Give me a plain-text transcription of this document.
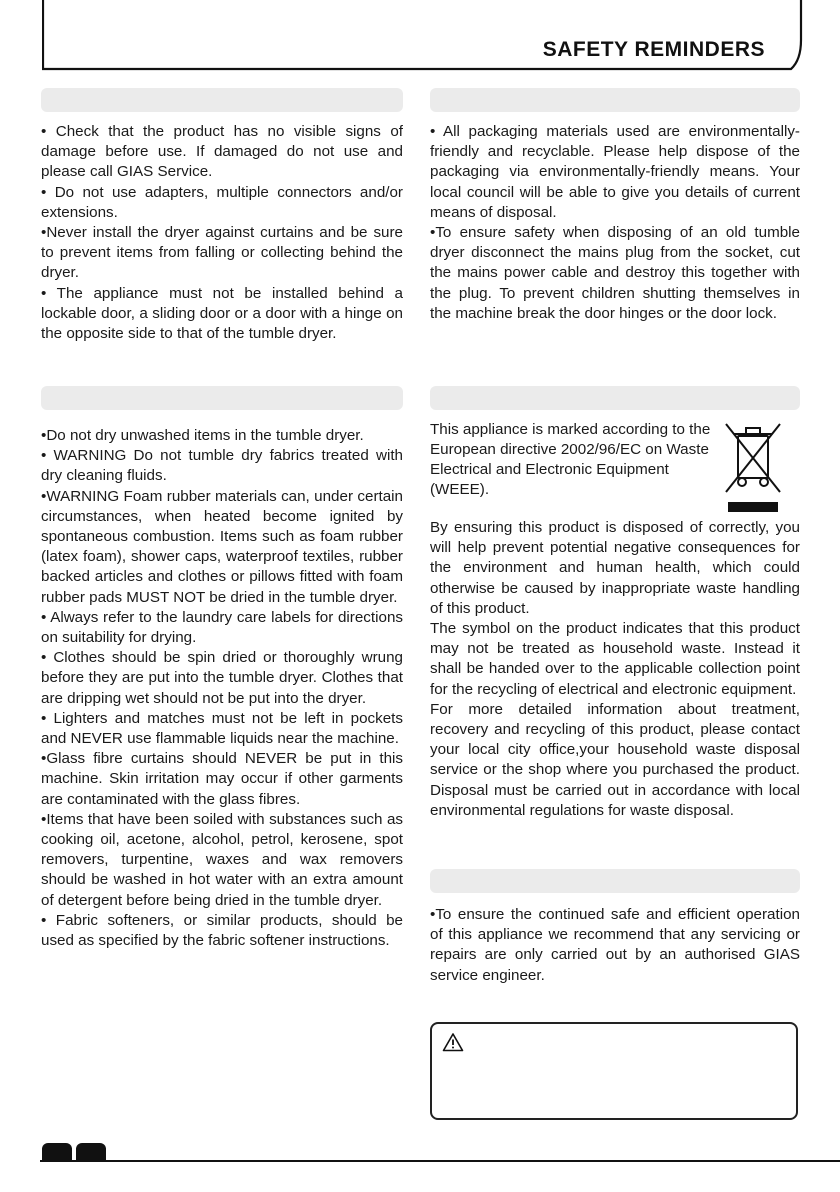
SAFETY REMINDERS

• Check that the product has no visible signs of damage before use. If damaged do not use and please call GIAS Service.

• Do not use adapters, multiple connectors and/or extensions.

•Never install the dryer against curtains and be sure to prevent items from falling or collecting behind the dryer.

• The appliance must not be installed behind a lockable door, a sliding door or a door with a hinge on the opposite side to that of the tumble dryer.

• All packaging materials used are environmentally-friendly and recyclable. Please help dispose of the packaging via environmentally-friendly means. Your local council will be able to give you details of current means of disposal.

•To ensure safety when disposing of an old tumble dryer disconnect the mains plug from the socket, cut the mains power cable and destroy this together with the plug. To prevent children shutting themselves in the machine break the door hinges or the door lock.

•Do not dry unwashed items in the tumble dryer.

• WARNING Do not tumble dry fabrics treated with dry cleaning fluids.

•WARNING Foam rubber materials can, under certain circumstances, when heated become ignited by spontaneous combustion. Items such as foam rubber (latex foam), shower caps, waterproof textiles, rubber backed articles and clothes or pillows fitted with foam rubber pads MUST NOT be dried in the tumble dryer.

• Always refer to the laundry care labels for directions on suitability for drying.

• Clothes should be spin dried or thoroughly wrung before they are put into the tumble dryer. Clothes that are dripping wet should not be put into the dryer.

• Lighters and matches must not be left in pockets and NEVER use flammable liquids near the machine.

•Glass fibre curtains should NEVER be put in this machine. Skin irritation may occur if other garments are contaminated with the glass fibres.

•Items that have been soiled with substances such as cooking oil, acetone, alcohol, petrol, kerosene, spot removers, turpentine, waxes and wax removers should be washed in hot water with an extra amount of detergent before being dried in the tumble dryer.

• Fabric softeners, or similar products, should be used as specified by the fabric softener instructions.

This appliance is marked according to the European directive 2002/96/EC on Waste Electrical and Electronic Equipment (WEEE).

By ensuring this product is disposed of correctly, you will help prevent potential negative consequences for the environment and human health, which could otherwise be caused by inappropriate waste handling of this product.

The symbol on the product indicates that this product may not be treated as household waste. Instead it shall be handed over to the applicable collection point for the recycling of electrical and electronic equipment.

For more detailed information about treatment, recovery and recycling of this product, please contact your local city office,your household waste disposal service or the shop where you purchased the product. Disposal must be carried out in accordance with local environmental regulations for waste disposal.

•To ensure the continued safe and efficient operation of this appliance we recommend that any servicing or repairs are only carried out by an authorised GIAS service engineer.
